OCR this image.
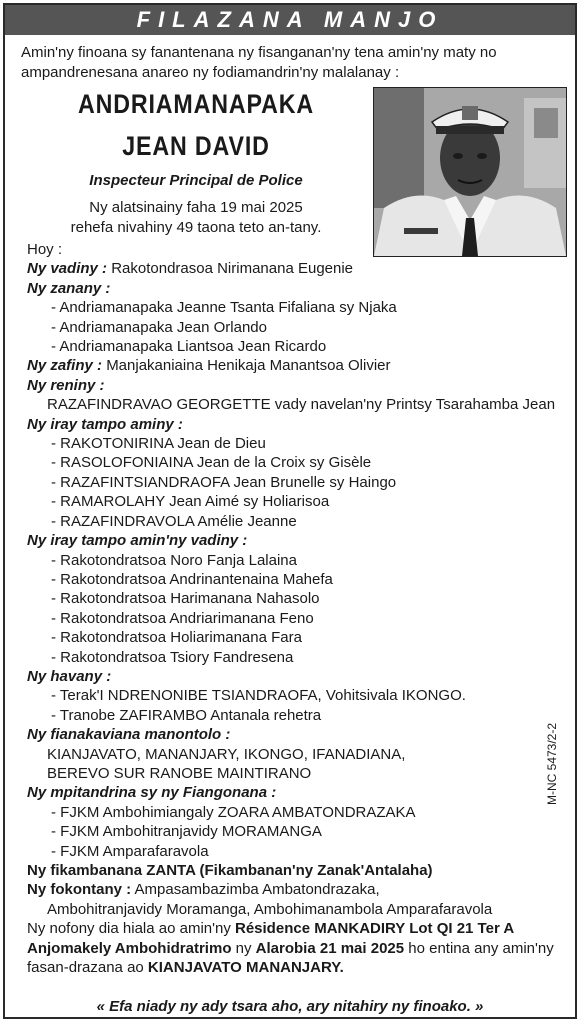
FILAZANA MANJO
Amin'ny finoana sy fanantenana ny fisanganan'ny tena amin'ny maty no ampandrenesana anareo ny fodiamandrin'ny malalanay :
ANDRIAMANAPAKA
JEAN DAVID
Inspecteur Principal de Police
Ny alatsinainy faha 19 mai 2025
rehefa nivahiny 49 taona teto an-tany.
Hoy :
Ny vadiny : Rakotondrasoa Nirimanana Eugenie
Ny zanany :
- Andriamanapaka Jeanne Tsanta Fifaliana sy Njaka
- Andriamanapaka Jean Orlando
- Andriamanapaka Liantsoa Jean Ricardo
Ny zafiny : Manjakaniaina Henikaja Manantsoa Olivier
Ny reniny :
RAZAFINDRAVAO GEORGETTE vady navelan'ny Printsy Tsarahamba Jean
Ny iray tampo aminy :
- RAKOTONIRINA Jean de Dieu
- RASOLOFONIAINA Jean de la Croix sy Gisèle
- RAZAFINTSIANDRAOFA Jean Brunelle sy Haingo
- RAMAROLAHY Jean Aimé sy Holiarisoa
- RAZAFINDRAVOLA Amélie Jeanne
Ny iray tampo amin'ny vadiny :
- Rakotondratsoa Noro Fanja Lalaina
- Rakotondratsoa Andrinantenaina Mahefa
- Rakotondratsoa Harimanana Nahasolo
- Rakotondratsoa Andriarimanana Feno
- Rakotondratsoa Holiarimanana Fara
- Rakotondratsoa Tsiory Fandresena
Ny havany :
- Terak'I NDRENONIBE TSIANDRAOFA, Vohitsivala IKONGO.
- Tranobe ZAFIRAMBO Antanala rehetra
Ny fianakaviana manontolo :
KIANJAVATO, MANANJARY, IKONGO, IFANADIANA,
BEREVO SUR RANOBE MAINTIRANO
Ny mpitandrina sy ny Fiangonana :
- FJKM Ambohimiangaly ZOARA AMBATONDRAZAKA
- FJKM Ambohitranjavidy MORAMANGA
- FJKM Amparafaravola
Ny fikambanana ZANTA (Fikambanan'ny Zanak'Antalaha)
Ny fokontany : Ampasambazimba Ambatondrazaka,
Ambohitranjavidy Moramanga, Ambohimanambola Amparafaravola
Ny nofony dia hiala ao amin'ny Résidence MANKADIRY Lot QI 21 Ter A Anjomakely Ambohidratrimo ny Alarobia 21 mai 2025 ho entina any amin'ny fasan-drazana ao KIANJAVATO MANANJARY.
M-NC 5473/2-2
« Efa niady ny ady tsara aho, ary nitahiry ny finoako. »
